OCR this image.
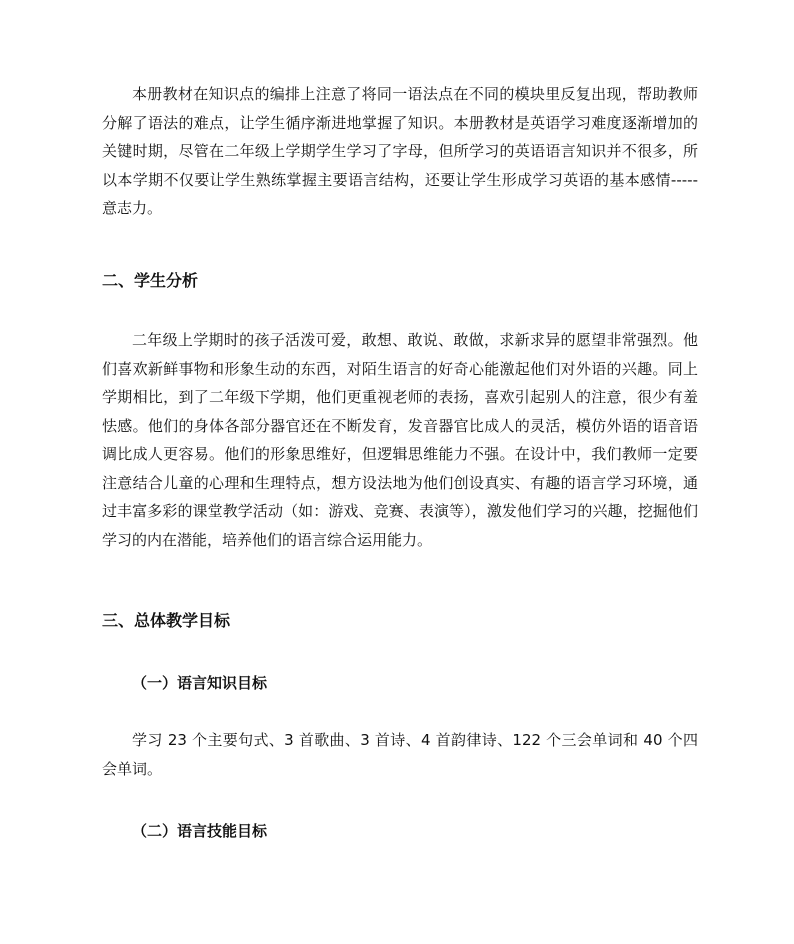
本册教材在知识点的编排上注意了将同一语法点在不同的模块里反复出现，帮助教师分解了语法的难点，让学生循序渐进地掌握了知识。本册教材是英语学习难度逐渐增加的关键时期，尽管在二年级上学期学生学习了字母，但所学习的英语语言知识并不很多，所以本学期不仅要让学生熟练掌握主要语言结构，还要让学生形成学习英语的基本感情-----意志力。

二、学生分析

二年级上学期时的孩子活泼可爱，敢想、敢说、敢做，求新求异的愿望非常强烈。他们喜欢新鲜事物和形象生动的东西，对陌生语言的好奇心能激起他们对外语的兴趣。同上学期相比，到了二年级下学期，他们更重视老师的表扬，喜欢引起别人的注意，很少有羞怯感。他们的身体各部分器官还在不断发育，发音器官比成人的灵活，模仿外语的语音语调比成人更容易。他们的形象思维好，但逻辑思维能力不强。在设计中，我们教师一定要注意结合儿童的心理和生理特点，想方设法地为他们创设真实、有趣的语言学习环境，通过丰富多彩的课堂教学活动（如：游戏、竞赛、表演等），激发他们学习的兴趣，挖掘他们学习的内在潜能，培养他们的语言综合运用能力。

三、总体教学目标
（一）语言知识目标

学习 23 个主要句式、3 首歌曲、3 首诗、4 首韵律诗、122 个三会单词和 40 个四会单词。

（二）语言技能目标
